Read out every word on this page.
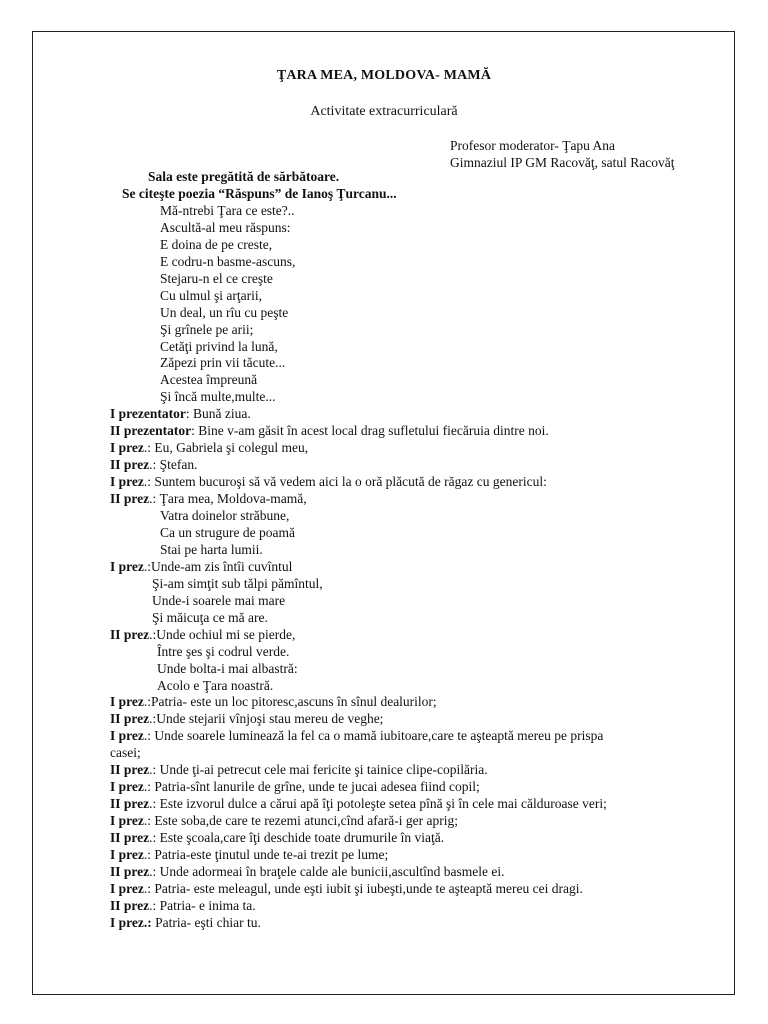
ŢARA MEA, MOLDOVA- MAMĂ
Activitate extracurriculară
Profesor moderator- Ţapu Ana
Gimnaziul IP GM Racovăţ, satul Racovăţ
Sala este pregătită de sărbătoare.
Se citeşte poezia “Răspuns” de Ianoş Ţurcanu...
Mă-ntrebi Ţara ce este?..
Ascultă-al meu răspuns:
E doina de pe creste,
E codru-n basme-ascuns,
Stejaru-n el ce creşte
Cu ulmul şi arţarii,
Un deal, un rîu cu peşte
Şi grînele pe arii;
Cetăţi privind la lună,
Zăpezi prin vii tăcute...
Acestea împreună
Şi încă multe,multe...
I prezentator: Bună ziua.
II prezentator: Bine v-am găsit în acest local drag sufletului fiecăruia dintre noi.
I prez.: Eu, Gabriela şi colegul meu,
II prez.: Ştefan.
I prez.: Suntem bucuroşi să vă vedem aici la o oră plăcută de răgaz cu genericul:
II prez.: Ţara mea, Moldova-mamă,
Vatra doinelor străbune,
Ca un strugure de poamă
Stai pe harta lumii.
I prez.:Unde-am zis întîi cuvîntul
Şi-am simţit sub tălpi pămîntul,
Unde-i soarele mai mare
Şi măicuţa ce mă are.
II prez.:Unde ochiul mi se pierde,
Între şes şi codrul verde.
Unde bolta-i mai albastră:
Acolo e Ţara noastră.
I prez.:Patria- este un loc pitoresc,ascuns în sînul dealurilor;
II prez.:Unde stejarii vînjoşi stau mereu de veghe;
I prez.: Unde soarele luminează la fel ca o mamă iubitoare,care te aşteaptă mereu pe prispa
casei;
II prez.: Unde ţi-ai petrecut cele mai fericite şi tainice clipe-copilăria.
I prez.: Patria-sînt lanurile de grîne, unde te jucai adesea fiind copil;
II prez.: Este izvorul dulce a cărui apă îţi potoleşte setea pînă şi în cele mai călduroase veri;
I prez.: Este soba,de care te rezemi atunci,cînd afară-i ger aprig;
II prez.: Este şcoala,care îţi deschide toate drumurile în viaţă.
I prez.: Patria-este ţinutul unde te-ai trezit pe lume;
II prez.: Unde adormeai în braţele calde ale bunicii,ascultînd basmele ei.
I prez.: Patria- este meleagul, unde eşti iubit şi iubeşti,unde te aşteaptă mereu cei dragi.
II prez.: Patria- e inima ta.
I prez.: Patria- eşti chiar tu.
